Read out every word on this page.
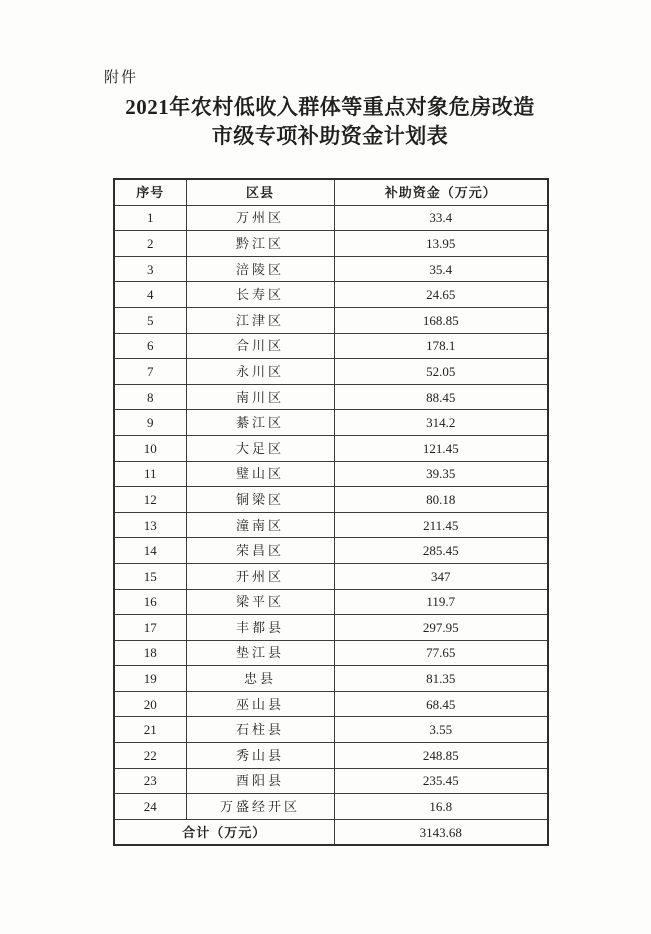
附件
2021年农村低收入群体等重点对象危房改造
市级专项补助资金计划表
序号	区县	补助资金（万元）
1	万州区	33.4
2	黔江区	13.95
3	涪陵区	35.4
4	长寿区	24.65
5	江津区	168.85
6	合川区	178.1
7	永川区	52.05
8	南川区	88.45
9	綦江区	314.2
10	大足区	121.45
11	璧山区	39.35
12	铜梁区	80.18
13	潼南区	211.45
14	荣昌区	285.45
15	开州区	347
16	梁平区	119.7
17	丰都县	297.95
18	垫江县	77.65
19	忠县	81.35
20	巫山县	68.45
21	石柱县	3.55
22	秀山县	248.85
23	酉阳县	235.45
24	万盛经开区	16.8
合计（万元）		3143.68
